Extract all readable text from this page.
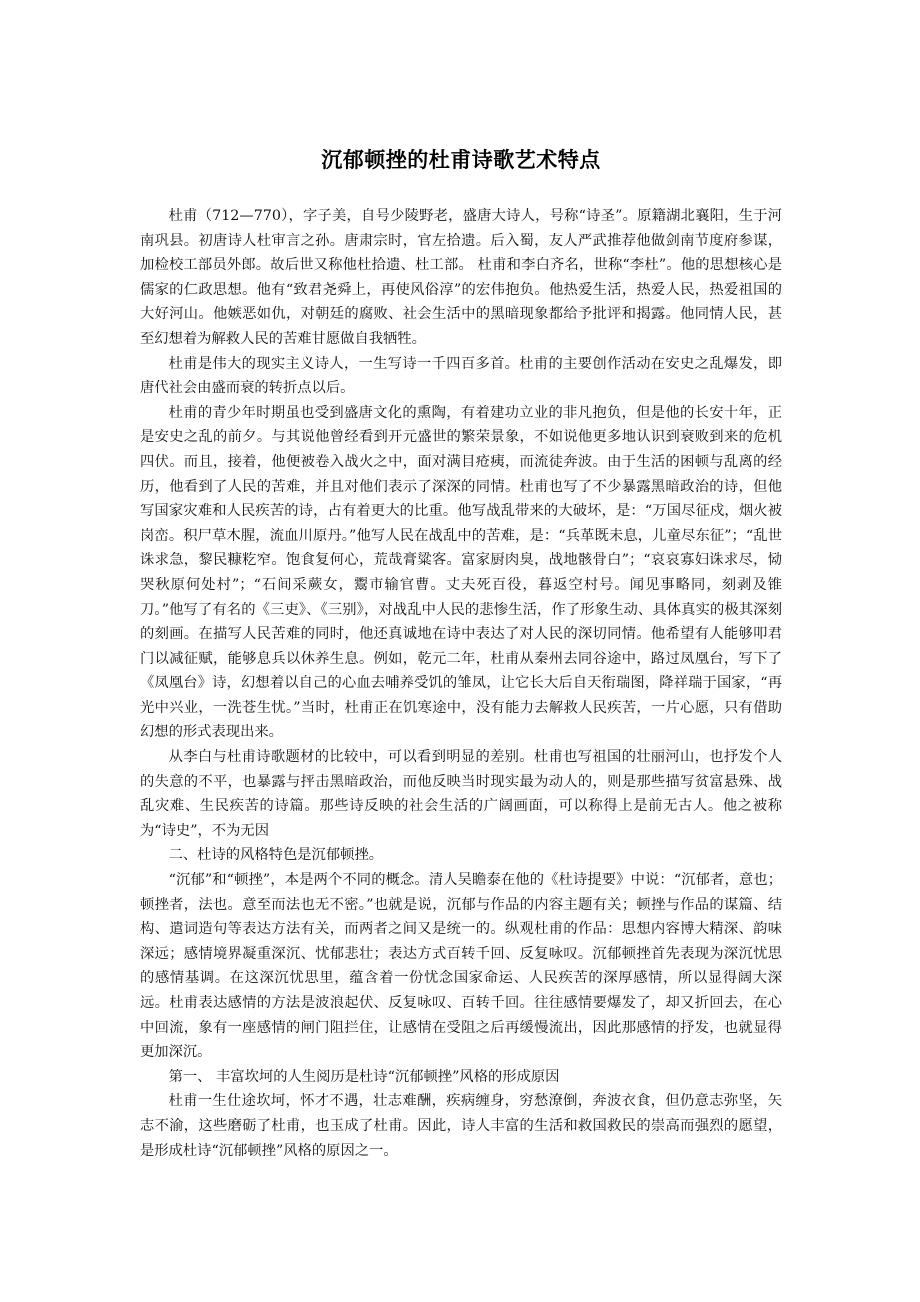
沉郁顿挫的杜甫诗歌艺术特点

杜甫（712—770），字子美，自号少陵野老，盛唐大诗人，号称“诗圣”。原籍湖北襄阳，生于河南巩县。初唐诗人杜审言之孙。唐肃宗时，官左拾遗。后入蜀，友人严武推荐他做剑南节度府参谋，加检校工部员外郎。故后世又称他杜拾遗、杜工部。 杜甫和李白齐名，世称“李杜”。他的思想核心是儒家的仁政思想。他有“致君尧舜上，再使风俗淳”的宏伟抱负。他热爱生活，热爱人民，热爱祖国的大好河山。他嫉恶如仇，对朝廷的腐败、社会生活中的黑暗现象都给予批评和揭露。他同情人民，甚至幻想着为解救人民的苦难甘愿做自我牺牲。

杜甫是伟大的现实主义诗人，一生写诗一千四百多首。杜甫的主要创作活动在安史之乱爆发，即唐代社会由盛而衰的转折点以后。

杜甫的青少年时期虽也受到盛唐文化的熏陶，有着建功立业的非凡抱负，但是他的长安十年，正是安史之乱的前夕。与其说他曾经看到开元盛世的繁荣景象，不如说他更多地认识到衰败到来的危机四伏。而且，接着，他便被卷入战火之中，面对满目疮痍，而流徒奔波。由于生活的困顿与乱离的经历，他看到了人民的苦难，并且对他们表示了深深的同情。杜甫也写了不少暴露黑暗政治的诗，但他写国家灾难和人民疾苦的诗，占有着更大的比重。他写战乱带来的大破坏，是：“万国尽征戍，烟火被岗峦。积尸草木腥，流血川原丹。”他写人民在战乱中的苦难，是：“兵革既未息，儿童尽东征”；“乱世诛求急，黎民糠籺窄。饱食复何心，荒哉膏粱客。富家厨肉臭，战地骸骨白”；“哀哀寡妇诛求尽，恸哭秋原何处村”；“石间采蕨女，鬻市输官曹。丈夫死百役，暮返空村号。闻见事略同，刻剥及锥刀。”他写了有名的《三吏》、《三别》，对战乱中人民的悲惨生活，作了形象生动、具体真实的极其深刻的刻画。在描写人民苦难的同时，他还真诚地在诗中表达了对人民的深切同情。他希望有人能够叩君门以减征赋，能够息兵以休养生息。例如，乾元二年，杜甫从秦州去同谷途中，路过凤凰台，写下了《凤凰台》诗，幻想着以自己的心血去哺养受饥的雏凤，让它长大后自天衔瑞图，降祥瑞于国家，“再光中兴业，一洗苍生忧。”当时，杜甫正在饥寒途中，没有能力去解救人民疾苦，一片心愿，只有借助幻想的形式表现出来。

从李白与杜甫诗歌题材的比较中，可以看到明显的差别。杜甫也写祖国的壮丽河山，也抒发个人的失意的不平，也暴露与抨击黑暗政治，而他反映当时现实最为动人的，则是那些描写贫富悬殊、战乱灾难、生民疾苦的诗篇。那些诗反映的社会生活的广阔画面，可以称得上是前无古人。他之被称为“诗史”，不为无因

二、杜诗的风格特色是沉郁顿挫。

“沉郁”和“顿挫”，本是两个不同的概念。清人吴瞻泰在他的《杜诗提要》中说：“沉郁者，意也；顿挫者，法也。意至而法也无不密。”也就是说，沉郁与作品的内容主题有关；顿挫与作品的谋篇、结构、遣词造句等表达方法有关，而两者之间又是统一的。纵观杜甫的作品：思想内容博大精深、韵味深远；感情境界凝重深沉、忧郁悲壮；表达方式百转千回、反复咏叹。沉郁顿挫首先表现为深沉忧思的感情基调。在这深沉忧思里，蕴含着一份忧念国家命运、人民疾苦的深厚感情，所以显得阔大深远。杜甫表达感情的方法是波浪起伏、反复咏叹、百转千回。往往感情要爆发了，却又折回去，在心中回流，象有一座感情的闸门阻拦住，让感情在受阻之后再缓慢流出，因此那感情的抒发，也就显得更加深沉。

第一、 丰富坎坷的人生阅历是杜诗“沉郁顿挫”风格的形成原因

杜甫一生仕途坎坷，怀才不遇，壮志难酬，疾病缠身，穷愁潦倒，奔波衣食，但仍意志弥坚，矢志不渝，这些磨砺了杜甫，也玉成了杜甫。因此，诗人丰富的生活和救国救民的崇高而强烈的愿望，是形成杜诗“沉郁顿挫”风格的原因之一。
